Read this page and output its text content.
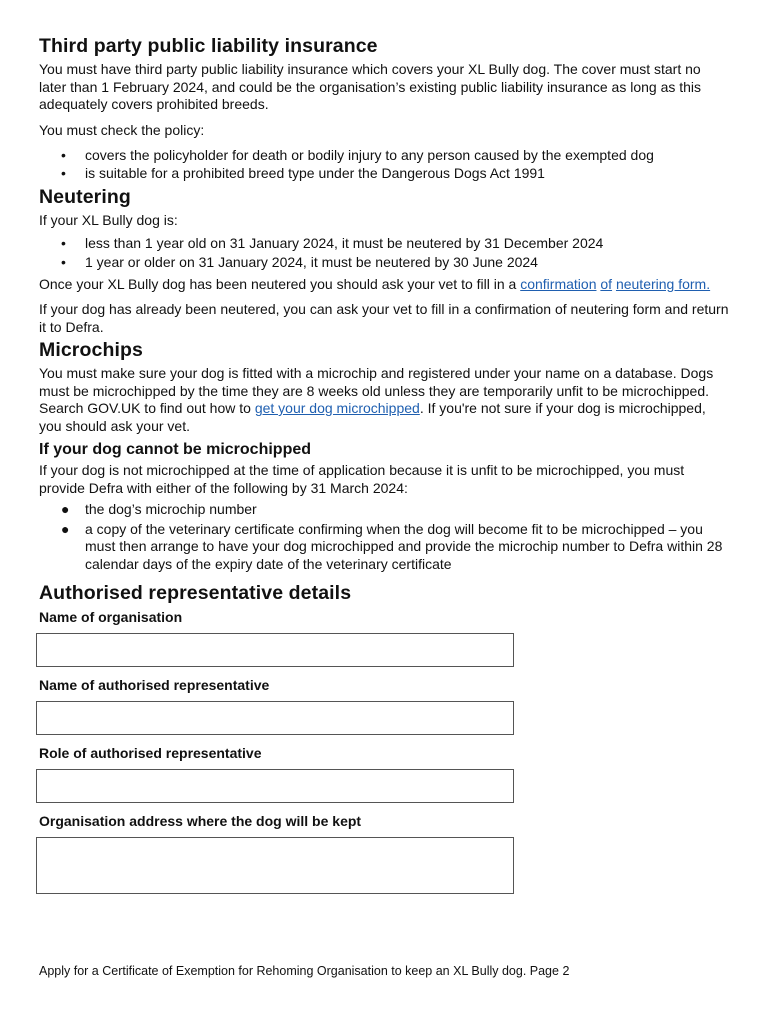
Third party public liability insurance

You must have third party public liability insurance which covers your XL Bully dog. The cover must start no later than 1 February 2024, and could be the organisation’s existing public liability insurance as long as this adequately covers prohibited breeds.

You must check the policy:

• covers the policyholder for death or bodily injury to any person caused by the exempted dog
• is suitable for a prohibited breed type under the Dangerous Dogs Act 1991
Neutering

If your XL Bully dog is:

• less than 1 year old on 31 January 2024, it must be neutered by 31 December 2024
• 1 year or older on 31 January 2024, it must be neutered by 30 June 2024

Once your XL Bully dog has been neutered you should ask your vet to fill in a confirmation of neutering form.

If your dog has already been neutered, you can ask your vet to fill in a confirmation of neutering form and return it to Defra.

Microchips

You must make sure your dog is fitted with a microchip and registered under your name on a database. Dogs must be microchipped by the time they are 8 weeks old unless they are temporarily unfit to be microchipped. Search GOV.UK to find out how to get your dog microchipped. If you're not sure if your dog is microchipped, you should ask your vet.

If your dog cannot be microchipped

If your dog is not microchipped at the time of application because it is unfit to be microchipped, you must provide Defra with either of the following by 31 March 2024:

● the dog’s microchip number
● a copy of the veterinary certificate confirming when the dog will become fit to be microchipped – you must then arrange to have your dog microchipped and provide the microchip number to Defra within 28 calendar days of the expiry date of the veterinary certificate
Authorised representative details

Name of organisation

Name of authorised representative

Role of authorised representative

Organisation address where the dog will be kept

Apply for a Certificate of Exemption for Rehoming Organisation to keep an XL Bully dog. Page 2
